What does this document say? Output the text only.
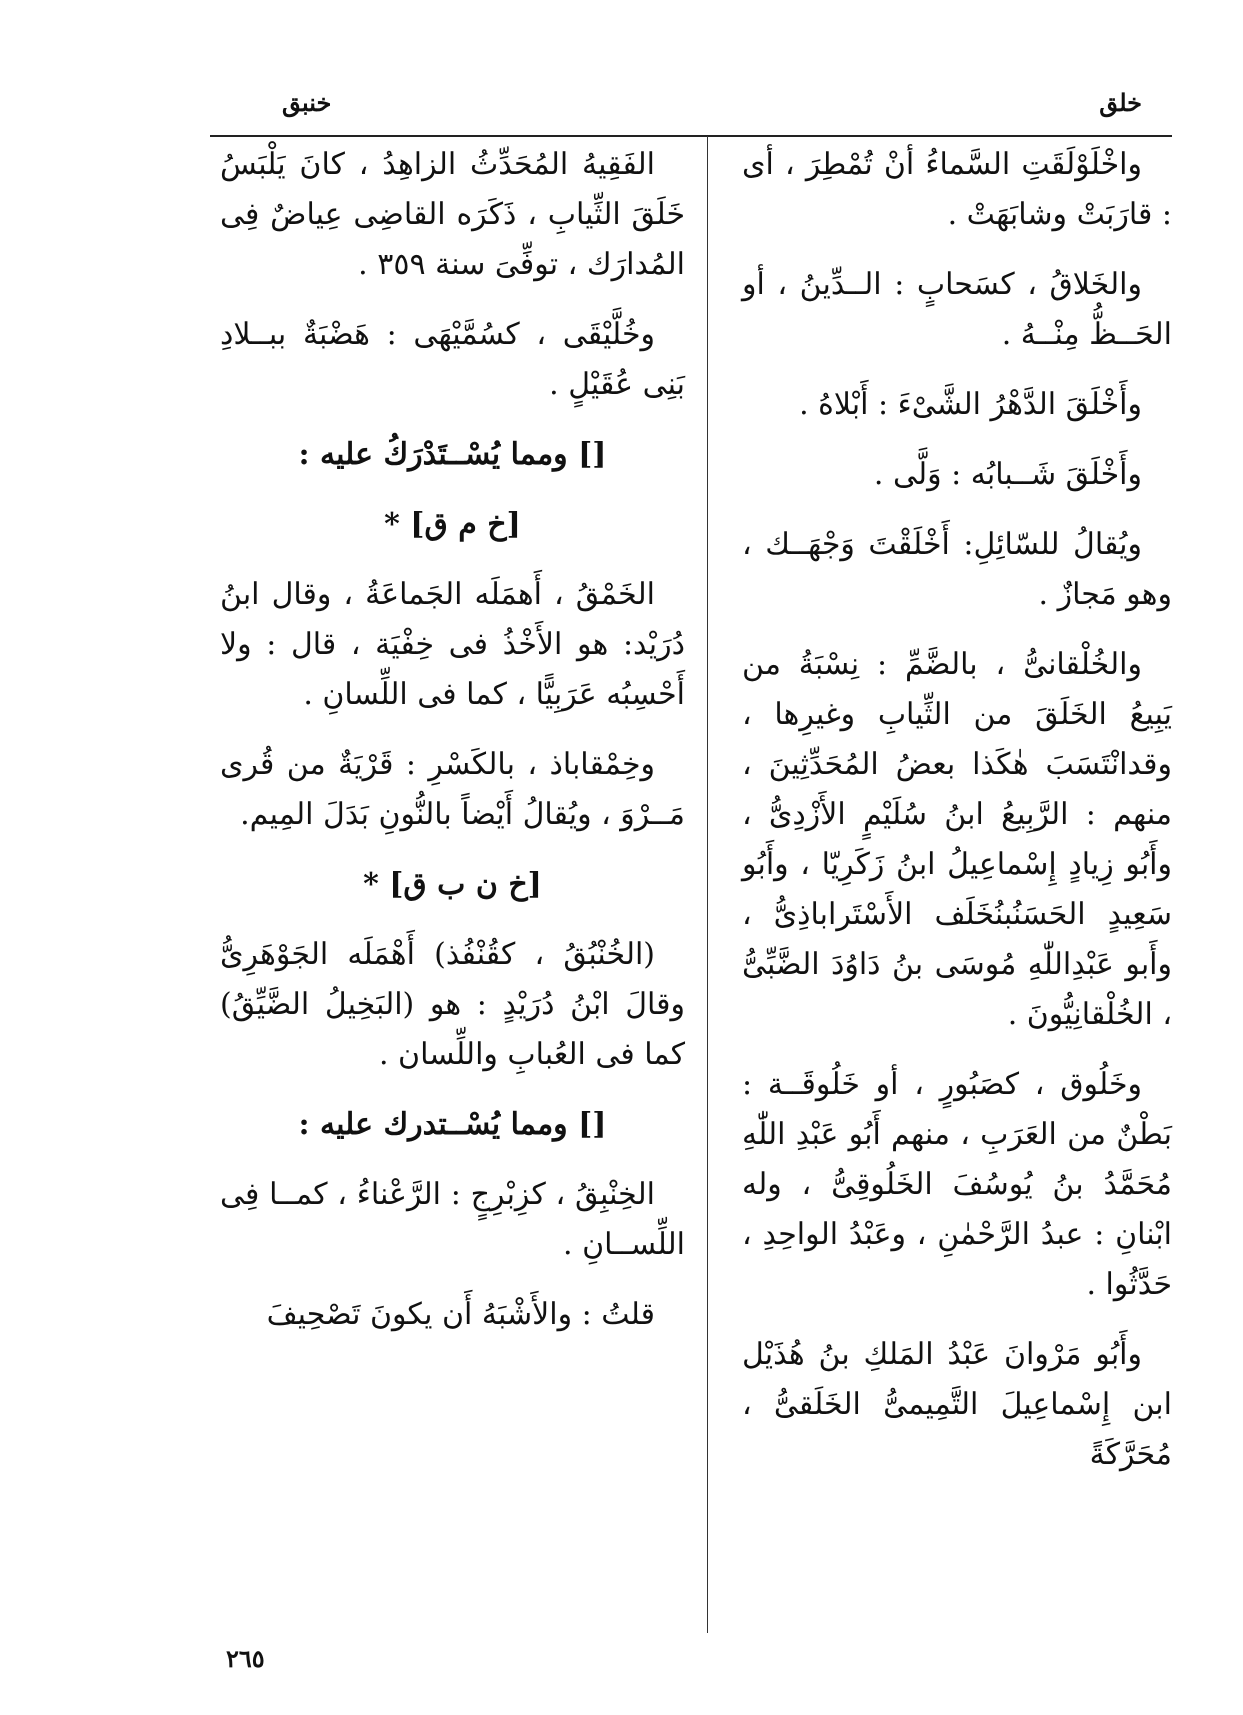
خلق
خنبق

واخْلَوْلَقَتِ السَّماءُ أنْ تُمْطِرَ ، أى : قارَبَتْ وشابَهَتْ .

والخَلاقُ ، كسَحابٍ : الــدِّينُ ، أو الحَــظُّ مِنْــهُ .

وأَخْلَقَ الدَّهْرُ الشَّىْءَ : أَبْلاهُ .

وأَخْلَقَ شَــبابُه : وَلَّى .

ويُقالُ للسّائِلِ: أَخْلَقْتَ وَجْهَــك ، وهو مَجازٌ .

والخُلْقانىُّ ، بالضَّمِّ : نِسْبَةُ من يَبِيعُ الخَلَقَ من الثِّيابِ وغيرِها ، وقدانْتَسَبَ هٰكَذا بعضُ المُحَدِّثِينَ ، منهم : الرَّبِيعُ ابنُ سُلَيْمٍ الأَزْدِىُّ ، وأَبُو زِيادٍ إِسْماعِيلُ ابنُ زَكَرِيّا ، وأَبُو سَعِيدٍ الحَسَنُبنُخَلَف الأَسْتَراباذِىُّ ، وأَبو عَبْدِاللّٰهِ مُوسَى بنُ دَاوُدَ الضَّبِّىُّ ، الخُلْقانِيُّونَ .

وخَلُوق ، كصَبُورٍ ، أو خَلُوقَــة : بَطْنٌ من العَرَبِ ، منهم أَبُو عَبْدِ اللّٰهِ مُحَمَّدُ بنُ يُوسُفَ الخَلُوقِىُّ ، وله ابْنانِ : عبدُ الرَّحْمٰنِ ، وعَبْدُ الواحِدِ ، حَدَّثُوا .

وأَبُو مَرْوانَ عَبْدُ المَلكِ بنُ هُذَيْل ابن إِسْماعِيلَ التَّمِيمىُّ الخَلَقىُّ ، مُحَرَّكَةً

الفَقِيهُ المُحَدِّثُ الزاهِدُ ، كانَ يَلْبَسُ خَلَقَ الثِّيابِ ، ذَكَرَه القاضِى عِياضٌ فِى المُدارَك ، توفِّىَ سنة ٣٥٩ .

وخُلَّيْقَى ، كسُمَّيْهَى : هَضْبَةٌ ببــلادِ بَنِى عُقَيْلٍ .

[] ومما يُسْــتَدْرَكُ عليه :

[خ م ق] *

الخَمْقُ ، أَهمَلَه الجَماعَةُ ، وقال ابنُ دُرَيْد: هو الأَخْذُ فى خِفْيَة ، قال : ولا أَحْسِبُه عَرَبِيًّا ، كما فى اللِّسانِ .

وخِمْقاباذ ، بالكَسْرِ : قَرْيَةٌ من قُرى مَــرْوَ ، ويُقالُ أَيْضاً بالنُّونِ بَدَلَ المِيم.

[خ ن ب ق] *

(الخُنْبُقُ ، كقُنْفُذ) أَهْمَلَه الجَوْهَرِىُّ وقالَ ابْنُ دُرَيْدٍ : هو (البَخِيلُ الضَّيِّقُ) كما فى العُبابِ واللِّسان .

[] ومما يُسْــتدرك عليه :

الخِنْبِقُ ، كزِبْرِجٍ : الرَّعْناءُ ، كمــا فِى اللِّســانِ .

قلتُ : والأَشْبَهُ أَن يكونَ تَصْحِيفَ

٢٦٥
